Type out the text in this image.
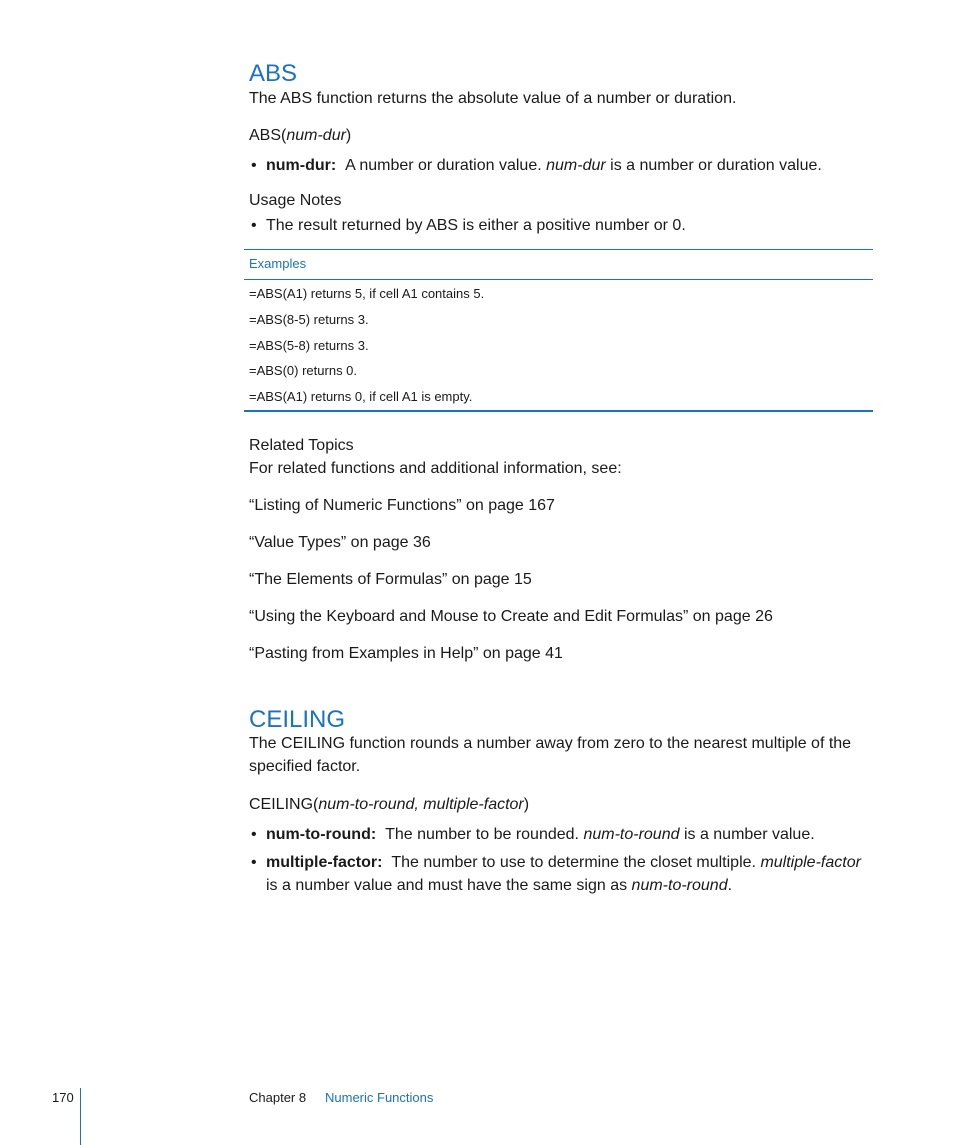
ABS
The ABS function returns the absolute value of a number or duration.
ABS(num-dur)
• num-dur: A number or duration value. num-dur is a number or duration value.
Usage Notes
• The result returned by ABS is either a positive number or 0.
Examples
=ABS(A1) returns 5, if cell A1 contains 5.
=ABS(8-5) returns 3.
=ABS(5-8) returns 3.
=ABS(0) returns 0.
=ABS(A1) returns 0, if cell A1 is empty.
Related Topics
For related functions and additional information, see:
“Listing of Numeric Functions” on page 167
“Value Types” on page 36
“The Elements of Formulas” on page 15
“Using the Keyboard and Mouse to Create and Edit Formulas” on page 26
“Pasting from Examples in Help” on page 41
CEILING
The CEILING function rounds a number away from zero to the nearest multiple of the
specified factor.
CEILING(num-to-round, multiple-factor)
• num-to-round: The number to be rounded. num-to-round is a number value.
• multiple-factor: The number to use to determine the closet multiple. multiple-factor
is a number value and must have the same sign as num-to-round.
170	Chapter 8 Numeric Functions
